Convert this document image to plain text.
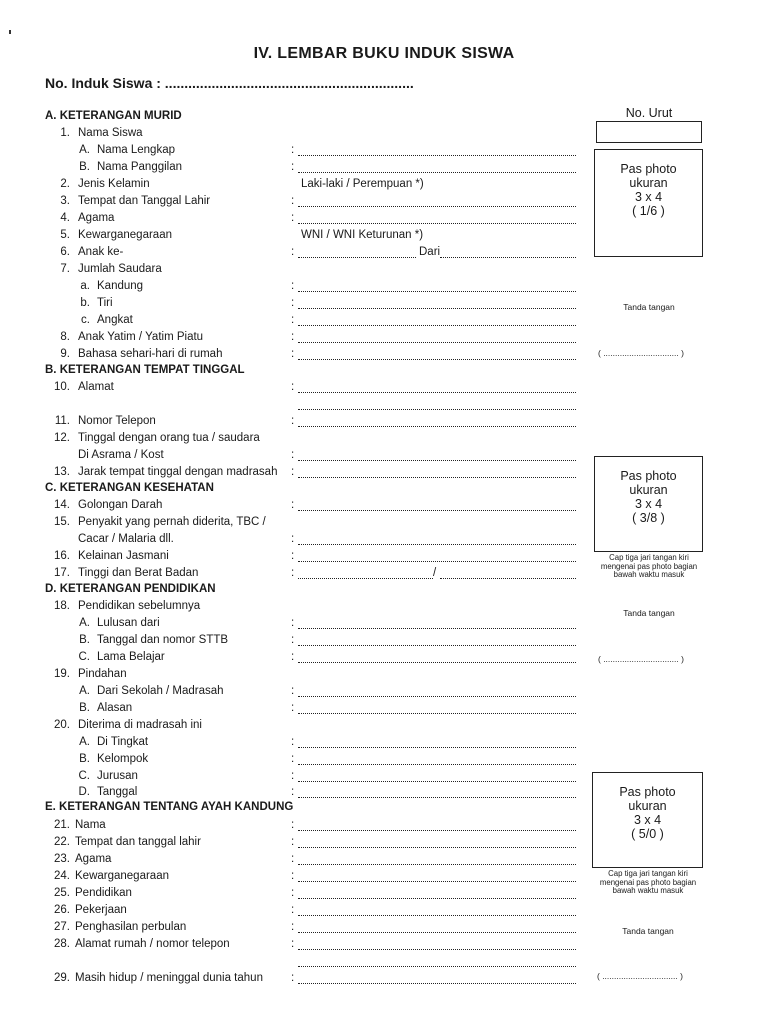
IV. LEMBAR BUKU INDUK SISWA
No. Induk Siswa : ................................................................
A. KETERANGAN MURID
1. Nama Siswa
A. Nama Lengkap	:
B. Nama Panggilan	:
2. Jenis Kelamin	Laki-laki / Perempuan *)
3. Tempat dan Tanggal Lahir	:
4. Agama	:
5. Kewarganegaraan	WNI / WNI Keturunan *)
6. Anak ke-	:	Dari
7. Jumlah Saudara
a. Kandung	:
b. Tiri	:
c. Angkat	:
8. Anak Yatim / Yatim Piatu	:
9. Bahasa sehari-hari di rumah	:
B. KETERANGAN TEMPAT TINGGAL
10. Alamat	:
11. Nomor Telepon	:
12. Tinggal dengan orang tua / saudara
Di Asrama / Kost	:
13. Jarak tempat tinggal dengan madrasah :
C. KETERANGAN KESEHATAN
14. Golongan Darah	:
15. Penyakit yang pernah diderita, TBC /
Cacar / Malaria dll.	:
16. Kelainan Jasmani	:
17. Tinggi dan Berat Badan	:	/
D. KETERANGAN PENDIDIKAN
18. Pendidikan sebelumnya
A. Lulusan dari	:
B. Tanggal dan nomor STTB	:
C. Lama Belajar	:
19. Pindahan
A. Dari Sekolah / Madrasah	:
B. Alasan	:
20. Diterima di madrasah ini
A. Di Tingkat	:
B. Kelompok	:
C. Jurusan	:
D. Tanggal	:
E. KETERANGAN TENTANG AYAH KANDUNG
21. Nama	:
22. Tempat dan tanggal lahir	:
23. Agama	:
24. Kewarganegaraan	:
25. Pendidikan	:
26. Pekerjaan	:
27. Penghasilan perbulan	:
28. Alamat rumah / nomor telepon	:
29. Masih hidup / meninggal dunia tahun :
No. Urut
Pas photo
ukuran
3 x 4
( 1/6 )
Tanda tangan
( ................................ )
Pas photo
ukuran
3 x 4
( 3/8 )
Cap tiga jari tangan kiri
mengenai pas photo bagian
bawah waktu masuk
Tanda tangan
( ................................ )
Pas photo
ukuran
3 x 4
( 5/0 )
Cap tiga jari tangan kiri
mengenai pas photo bagian
bawah waktu masuk
Tanda tangan
( ................................ )
